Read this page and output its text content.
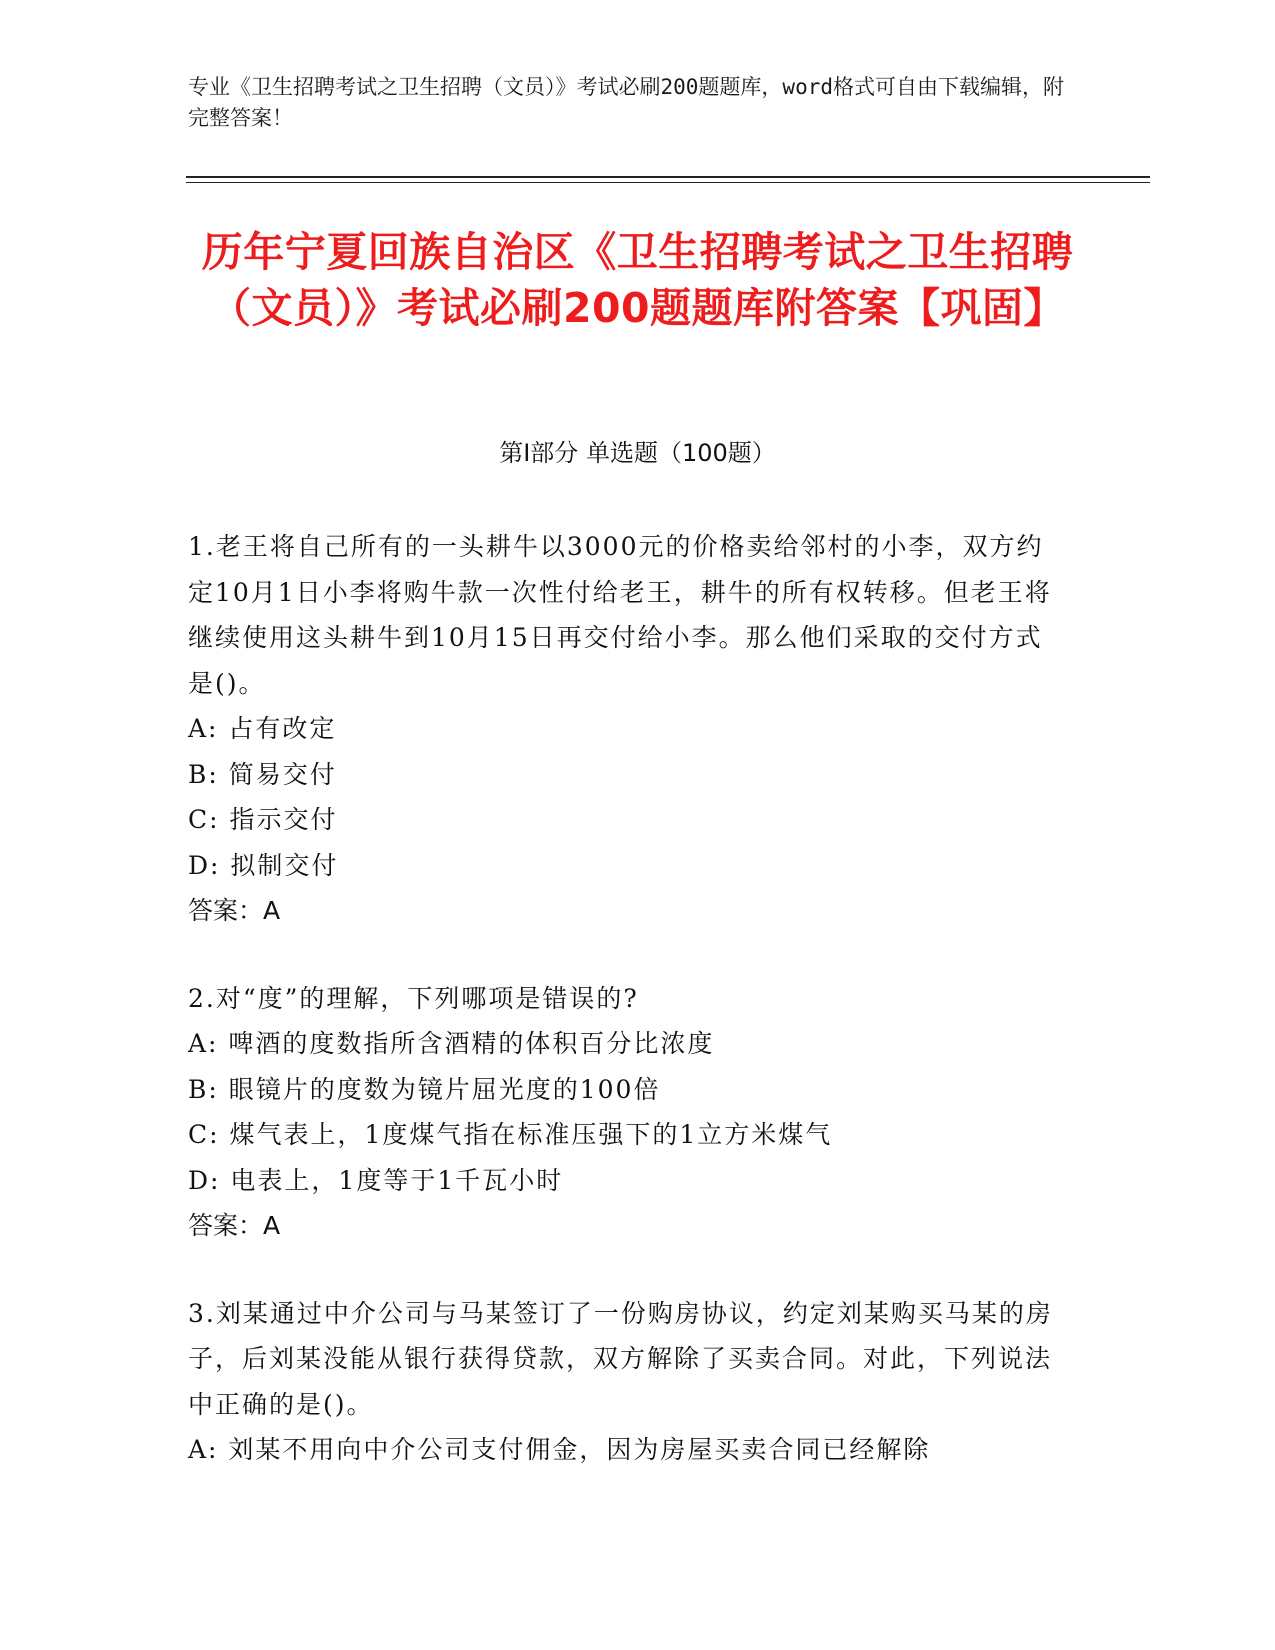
专业《卫生招聘考试之卫生招聘（文员）》考试必刷200题题库，word格式可自由下载编辑，附完整答案！
历年宁夏回族自治区《卫生招聘考试之卫生招聘（文员）》考试必刷200题题库附答案【巩固】
第Ⅰ部分 单选题（100题）
1.老王将自己所有的一头耕牛以3000元的价格卖给邻村的小李，双方约定10月1日小李将购牛款一次性付给老王，耕牛的所有权转移。但老王将继续使用这头耕牛到10月15日再交付给小李。那么他们采取的交付方式是()。
A: 占有改定
B: 简易交付
C: 指示交付
D: 拟制交付
答案：A
2.对“度”的理解，下列哪项是错误的?
A: 啤酒的度数指所含酒精的体积百分比浓度
B: 眼镜片的度数为镜片屈光度的100倍
C: 煤气表上，1度煤气指在标准压强下的1立方米煤气
D: 电表上，1度等于1千瓦小时
答案：A
3.刘某通过中介公司与马某签订了一份购房协议，约定刘某购买马某的房子，后刘某没能从银行获得贷款，双方解除了买卖合同。对此，下列说法中正确的是()。
A: 刘某不用向中介公司支付佣金，因为房屋买卖合同已经解除
